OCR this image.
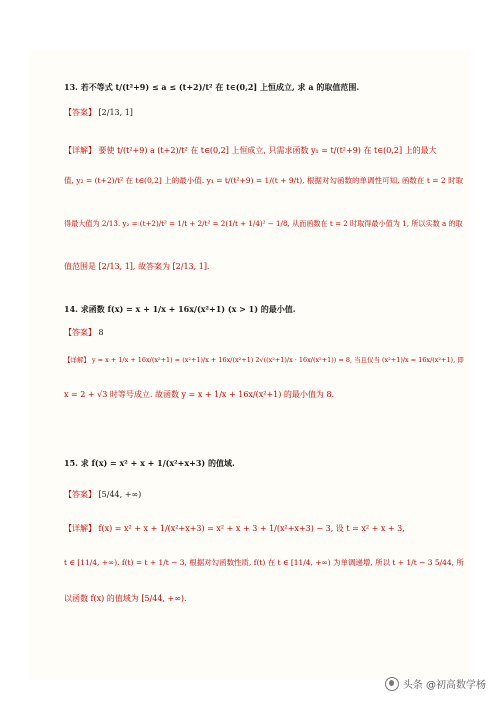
13. 若不等式 t/(t²+9) ≤ a ≤ (t+2)/t² 在 t∈(0,2] 上恒成立, 求 a 的取值范围.
【答案】 [2/13, 1]
【详解】 要使 t/(t²+9) a (t+2)/t² 在 t∈(0,2] 上恒成立, 只需求函数 y₁ = t/(t²+9) 在 t∈(0,2] 上的最大
值, y₂ = (t+2)/t² 在 t∈(0,2] 上的最小值. y₁ = t/(t²+9) = 1/(t + 9/t), 根据对勾函数的单调性可知, 函数在 t = 2 时取
得最大值为 2/13. y₂ = (t+2)/t² = 1/t + 2/t² = 2(1/t + 1/4)² − 1/8, 从而函数在 t = 2 时取得最小值为 1, 所以实数 a 的取
值范围是 [2/13, 1], 故答案为 [2/13, 1].
14. 求函数 f(x) = x + 1/x + 16x/(x²+1) (x > 1) 的最小值.
【答案】 8
【详解】 y = x + 1/x + 16x/(x²+1) = (x²+1)/x + 16x/(x²+1) 2√((x²+1)/x · 16x/(x²+1)) = 8, 当且仅当 (x²+1)/x = 16x/(x²+1), 即
x = 2 + √3 时等号成立. 故函数 y = x + 1/x + 16x/(x²+1) 的最小值为 8.
15. 求 f(x) = x² + x + 1/(x²+x+3) 的值域.
【答案】 [5/44, +∞)
【详解】 f(x) = x² + x + 1/(x²+x+3) = x² + x + 3 + 1/(x²+x+3) − 3, 设 t = x² + x + 3,
t ∈ [11/4, +∞). f(t) = t + 1/t − 3, 根据对勾函数性质, f(t) 在 t ∈ [11/4, +∞) 为单调递增, 所以 t + 1/t − 3 5/44, 所
以函数 f(x) 的值域为 [5/44, +∞).
头条 @初高数学杨
